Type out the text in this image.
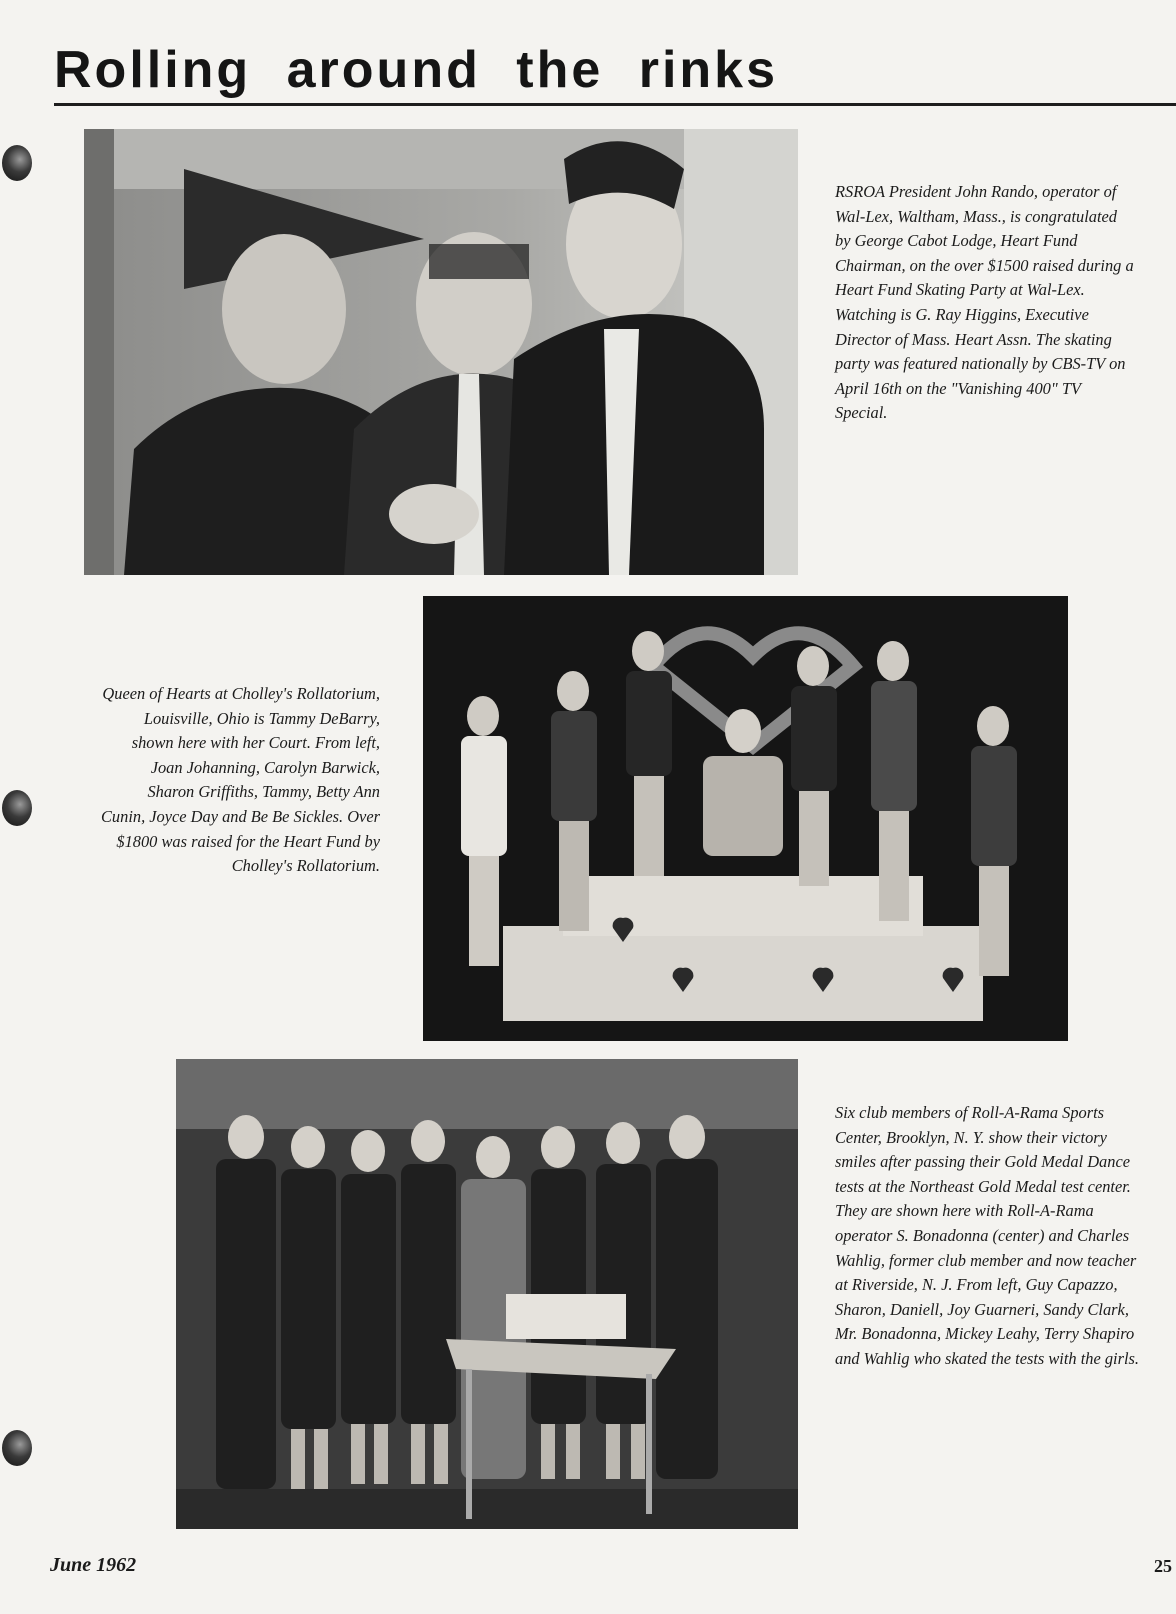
Rolling around the rinks
RSROA President John Rando, operator of Wal-Lex, Waltham, Mass., is congratulated by George Cabot Lodge, Heart Fund Chairman, on the over $1500 raised during a Heart Fund Skating Party at Wal-Lex. Watching is G. Ray Higgins, Executive Director of Mass. Heart Assn. The skating party was featured nationally by CBS-TV on April 16th on the "Vanishing 400" TV Special.
Queen of Hearts at Cholley's Rollatorium, Louisville, Ohio is Tammy DeBarry, shown here with her Court. From left, Joan Johanning, Carolyn Barwick, Sharon Griffiths, Tammy, Betty Ann Cunin, Joyce Day and Be Be Sickles. Over $1800 was raised for the Heart Fund by Cholley's Rollatorium.
Six club members of Roll-A-Rama Sports Center, Brooklyn, N. Y. show their victory smiles after passing their Gold Medal Dance tests at the Northeast Gold Medal test center. They are shown here with Roll-A-Rama operator S. Bonadonna (center) and Charles Wahlig, former club member and now teacher at Riverside, N. J. From left, Guy Capazzo, Sharon, Daniell, Joy Guarneri, Sandy Clark, Mr. Bonadonna, Mickey Leahy, Terry Shapiro and Wahlig who skated the tests with the girls.
June 1962	25
